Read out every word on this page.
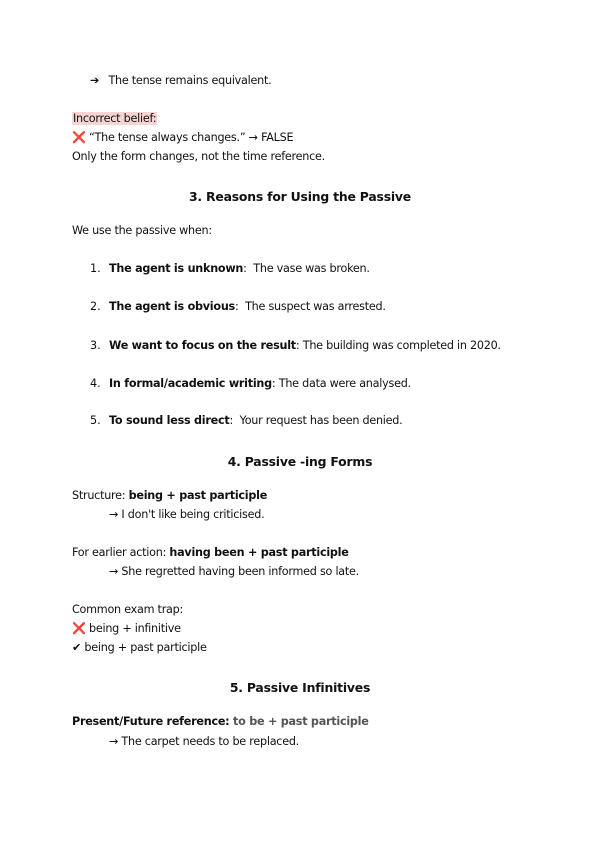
➔ The tense remains equivalent.
Incorrect belief:
❌ “The tense always changes.” → FALSE
Only the form changes, not the time reference.
3. Reasons for Using the Passive
We use the passive when:
1. The agent is unknown:  The vase was broken.
2. The agent is obvious:  The suspect was arrested.
3. We want to focus on the result: The building was completed in 2020.
4. In formal/academic writing: The data were analysed.
5. To sound less direct:  Your request has been denied.
4. Passive -ing Forms
Structure: being + past participle
→ I don't like being criticised.
For earlier action: having been + past participle
→ She regretted having been informed so late.
Common exam trap:
❌ being + infinitive
✔ being + past participle
5. Passive Infinitives
Present/Future reference: to be + past participle
→ The carpet needs to be replaced.
